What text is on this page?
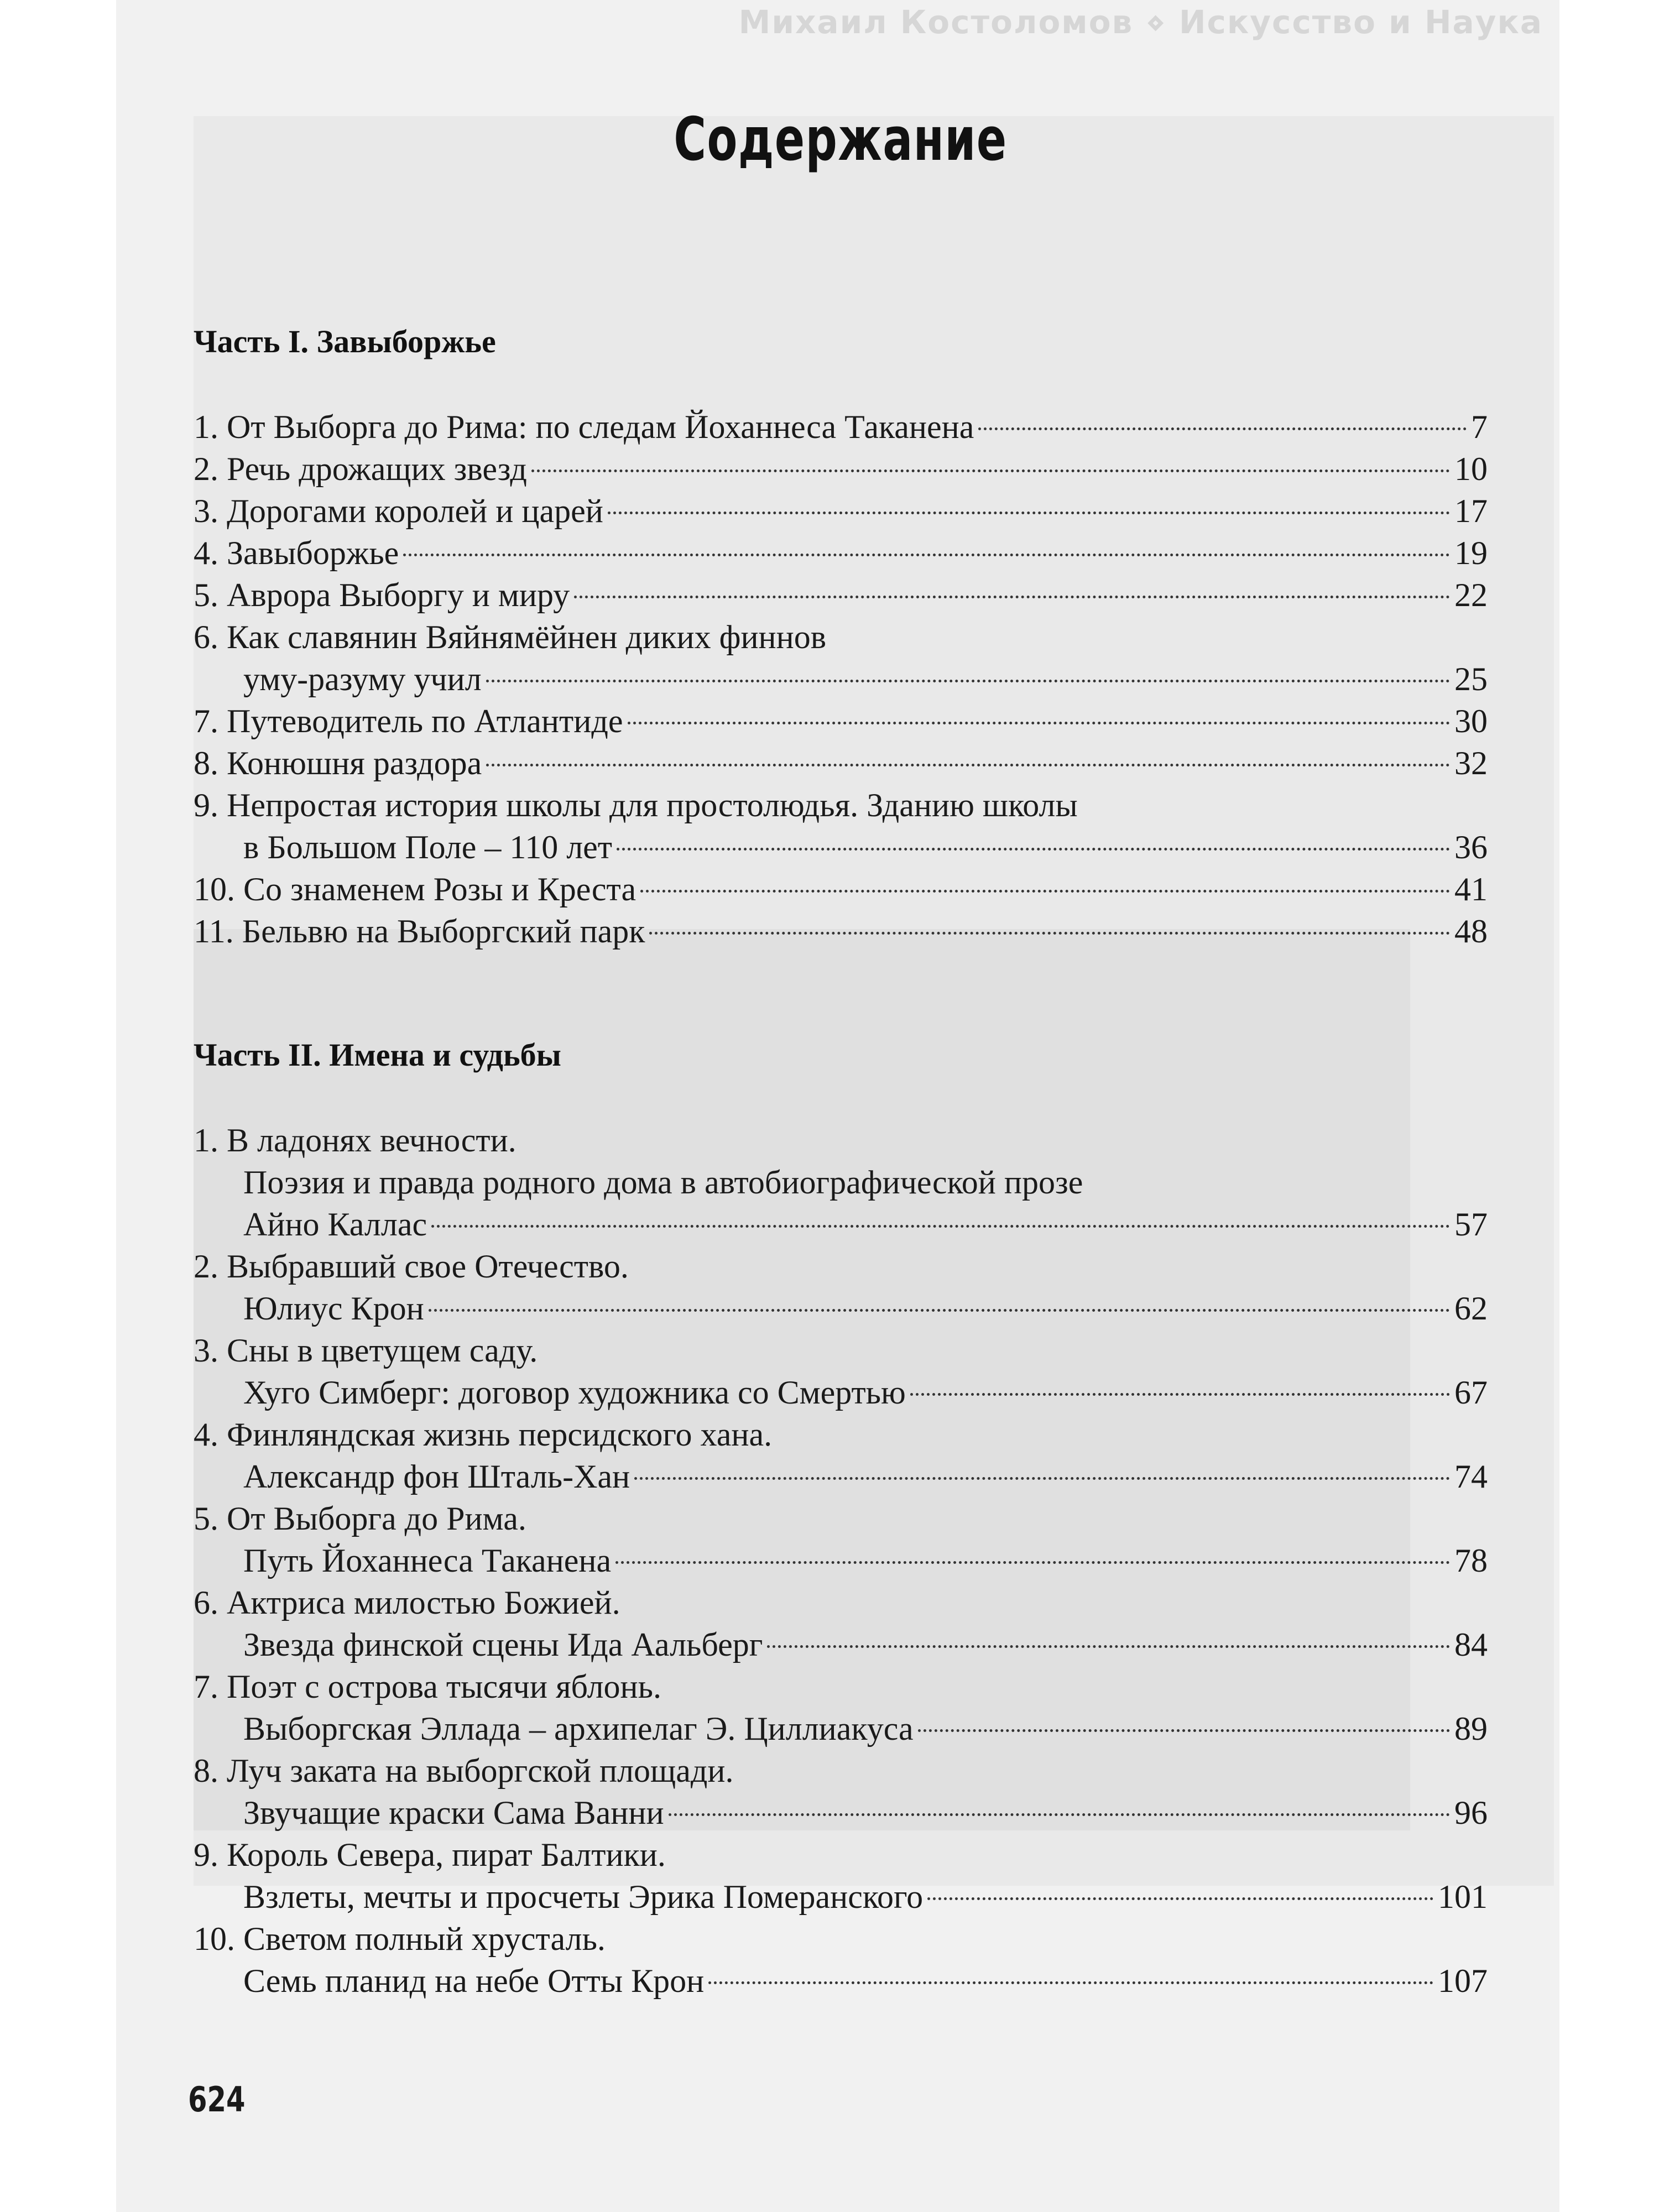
Михаил Костоломов ⋄ Искусство и Наука
Содержание
Часть I. Завыборжье
1. От Выборга до Рима: по следам Йоханнеса Таканена	7
2. Речь дрожащих звезд	10
3. Дорогами королей и царей	17
4. Завыборжье	19
5. Аврора Выборгу и миру	22
6. Как славянин Вяйнямёйнен диких финнов
уму-разуму учил	25
7. Путеводитель по Атлантиде	30
8. Конюшня раздора	32
9. Непростая история школы для простолюдья. Зданию школы
в Большом Поле – 110 лет	36
10. Со знаменем Розы и Креста	41
11. Бельвю на Выборгский парк	48
Часть II. Имена и судьбы
1. В ладонях вечности.
Поэзия и правда родного дома в автобиографической прозе
Айно Каллас	57
2. Выбравший свое Отечество.
Юлиус Крон	62
3. Сны в цветущем саду.
Хуго Симберг: договор художника со Смертью	67
4. Финляндская жизнь персидского хана.
Александр фон Шталь-Хан	74
5. От Выборга до Рима.
Путь Йоханнеса Таканена	78
6. Актриса милостью Божией.
Звезда финской сцены Ида Аальберг	84
7. Поэт с острова тысячи яблонь.
Выборгская Эллада – архипелаг Э. Циллиакуса	89
8. Луч заката на выборгской площади.
Звучащие краски Сама Ванни	96
9. Король Севера, пират Балтики.
Взлеты, мечты и просчеты Эрика Померанского	101
10. Светом полный хрусталь.
Семь планид на небе Отты Крон	107
624
